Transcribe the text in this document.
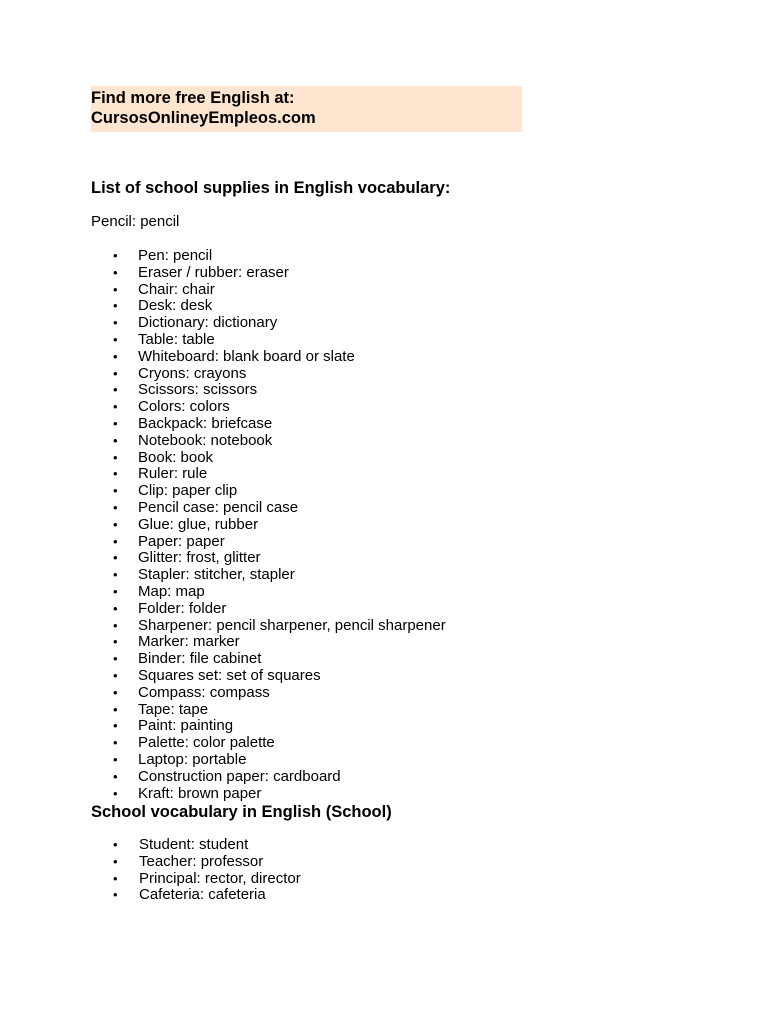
Find more free English at:
CursosOnlineyEmpleos.com
List of school supplies in English vocabulary:
Pencil: pencil
• Pen: pencil
• Eraser / rubber: eraser
• Chair: chair
• Desk: desk
• Dictionary: dictionary
• Table: table
• Whiteboard: blank board or slate
• Cryons: crayons
• Scissors: scissors
• Colors: colors
• Backpack: briefcase
• Notebook: notebook
• Book: book
• Ruler: rule
• Clip: paper clip
• Pencil case: pencil case
• Glue: glue, rubber
• Paper: paper
• Glitter: frost, glitter
• Stapler: stitcher, stapler
• Map: map
• Folder: folder
• Sharpener: pencil sharpener, pencil sharpener
• Marker: marker
• Binder: file cabinet
• Squares set: set of squares
• Compass: compass
• Tape: tape
• Paint: painting
• Palette: color palette
• Laptop: portable
• Construction paper: cardboard
• Kraft: brown paper
School vocabulary in English (School)
• Student: student
• Teacher: professor
• Principal: rector, director
• Cafeteria: cafeteria
